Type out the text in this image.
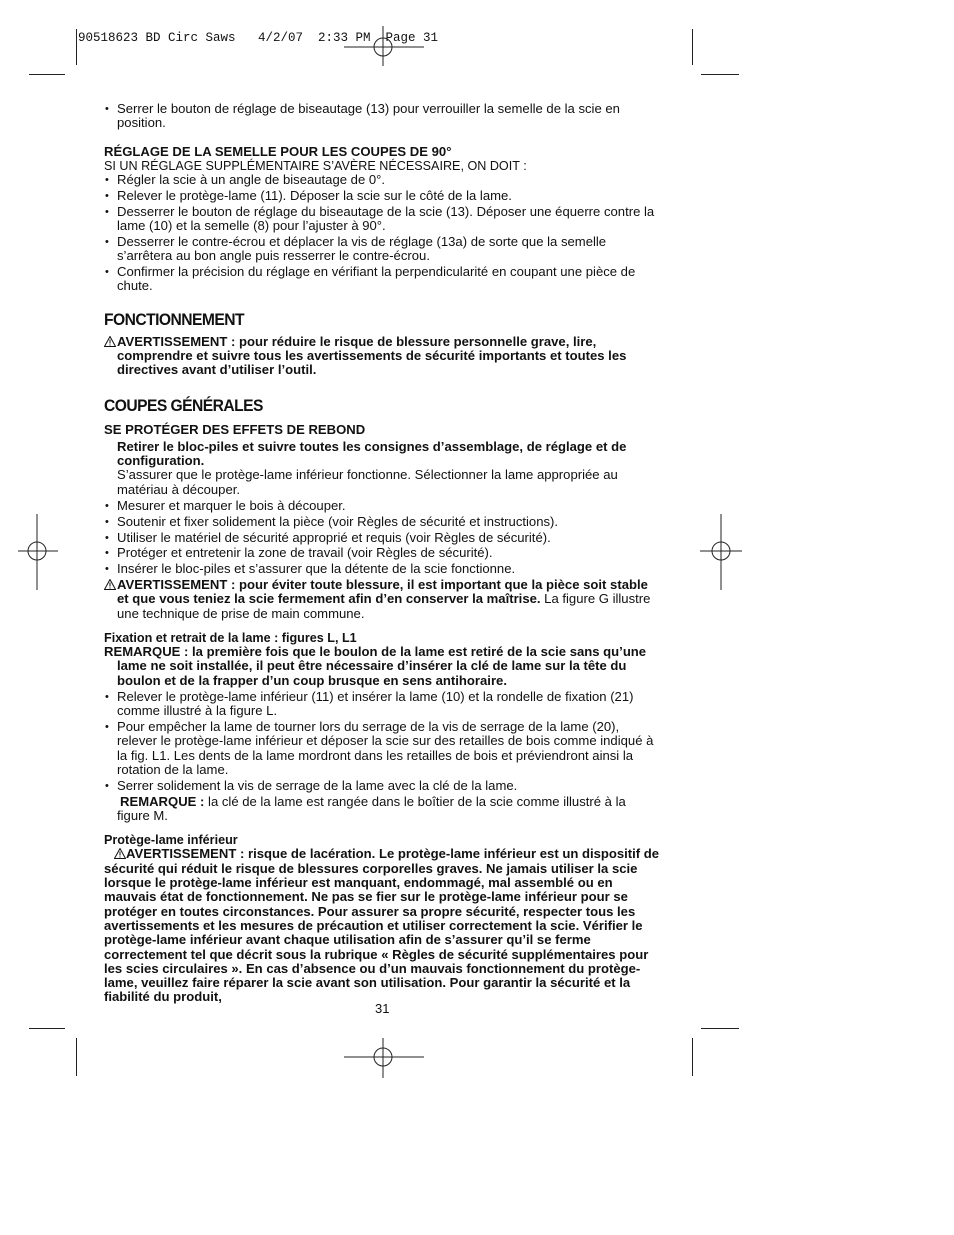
90518623 BD Circ Saws   4/2/07  2:33 PM  Page 31
• Serrer le bouton de réglage de biseautage (13) pour verrouiller la semelle de la scie en position.
RÉGLAGE DE LA SEMELLE POUR LES COUPES DE 90°

SI UN RÉGLAGE SUPPLÉMENTAIRE S’AVÈRE NÉCESSAIRE, ON DOIT :

• Régler la scie à un angle de biseautage de 0°.
• Relever le protège-lame (11). Déposer la scie sur le côté de la lame.
• Desserrer le bouton de réglage du biseautage de la scie (13). Déposer une équerre contre la lame (10) et la semelle (8) pour l’ajuster à 90°.
• Desserrer le contre-écrou et déplacer la vis de réglage (13a) de sorte que la semelle s’arrêtera au bon angle puis resserrer le contre-écrou.
• Confirmer la précision du réglage en vérifiant la perpendicularité en coupant une pièce de chute.
FONCTIONNEMENT
AVERTISSEMENT : pour réduire le risque de blessure personnelle grave, lire, comprendre et suivre tous les avertissements de sécurité importants et toutes les directives avant d’utiliser l’outil.
COUPES GÉNÉRALES
SE PROTÉGER DES EFFETS DE REBOND

Retirer le bloc-piles et suivre toutes les consignes d’assemblage, de réglage et de configuration.

S’assurer que le protège-lame inférieur fonctionne. Sélectionner la lame appropriée au matériau à découper.

• Mesurer et marquer le bois à découper.
• Soutenir et fixer solidement la pièce (voir Règles de sécurité et instructions).
• Utiliser le matériel de sécurité approprié et requis (voir Règles de sécurité).
• Protéger et entretenir la zone de travail (voir Règles de sécurité).
• Insérer le bloc-piles et s’assurer que la détente de la scie fonctionne.
AVERTISSEMENT : pour éviter toute blessure, il est important que la pièce soit stable et que vous teniez la scie fermement afin d’en conserver la maîtrise. La figure G illustre une technique de prise de main commune.
Fixation et retrait de la lame : figures L, L1

REMARQUE : la première fois que le boulon de la lame est retiré de la scie sans qu’une lame ne soit installée, il peut être nécessaire d’insérer la clé de lame sur la tête du boulon et de la frapper d’un coup brusque en sens antihoraire.

• Relever le protège-lame inférieur (11) et insérer la lame (10) et la rondelle de fixation (21) comme illustré à la figure L.
• Pour empêcher la lame de tourner lors du serrage de la vis de serrage de la lame (20), relever le protège-lame inférieur et déposer la scie sur des retailles de bois comme indiqué à la fig. L1. Les dents de la lame mordront dans les retailles de bois et préviendront ainsi la rotation de la lame.
• Serrer solidement la vis de serrage de la lame avec la clé de la lame.

REMARQUE : la clé de la lame est rangée dans le boîtier de la scie comme illustré à la figure M.

Protège-lame inférieur
AVERTISSEMENT : risque de lacération. Le protège-lame inférieur est un dispositif de sécurité qui réduit le risque de blessures corporelles graves. Ne jamais utiliser la scie lorsque le protège-lame inférieur est manquant, endommagé, mal assemblé ou en mauvais état de fonctionnement. Ne pas se fier sur le protège-lame inférieur pour se protéger en toutes circonstances. Pour assurer sa propre sécurité, respecter tous les avertissements et les mesures de précaution et utiliser correctement la scie. Vérifier le protège-lame inférieur avant chaque utilisation afin de s’assurer qu’il se ferme correctement tel que décrit sous la rubrique « Règles de sécurité supplémentaires pour les scies circulaires ». En cas d’absence ou d’un mauvais fonctionnement du protège-lame, veuillez faire réparer la scie avant son utilisation. Pour garantir la sécurité et la fiabilité du produit,
31
